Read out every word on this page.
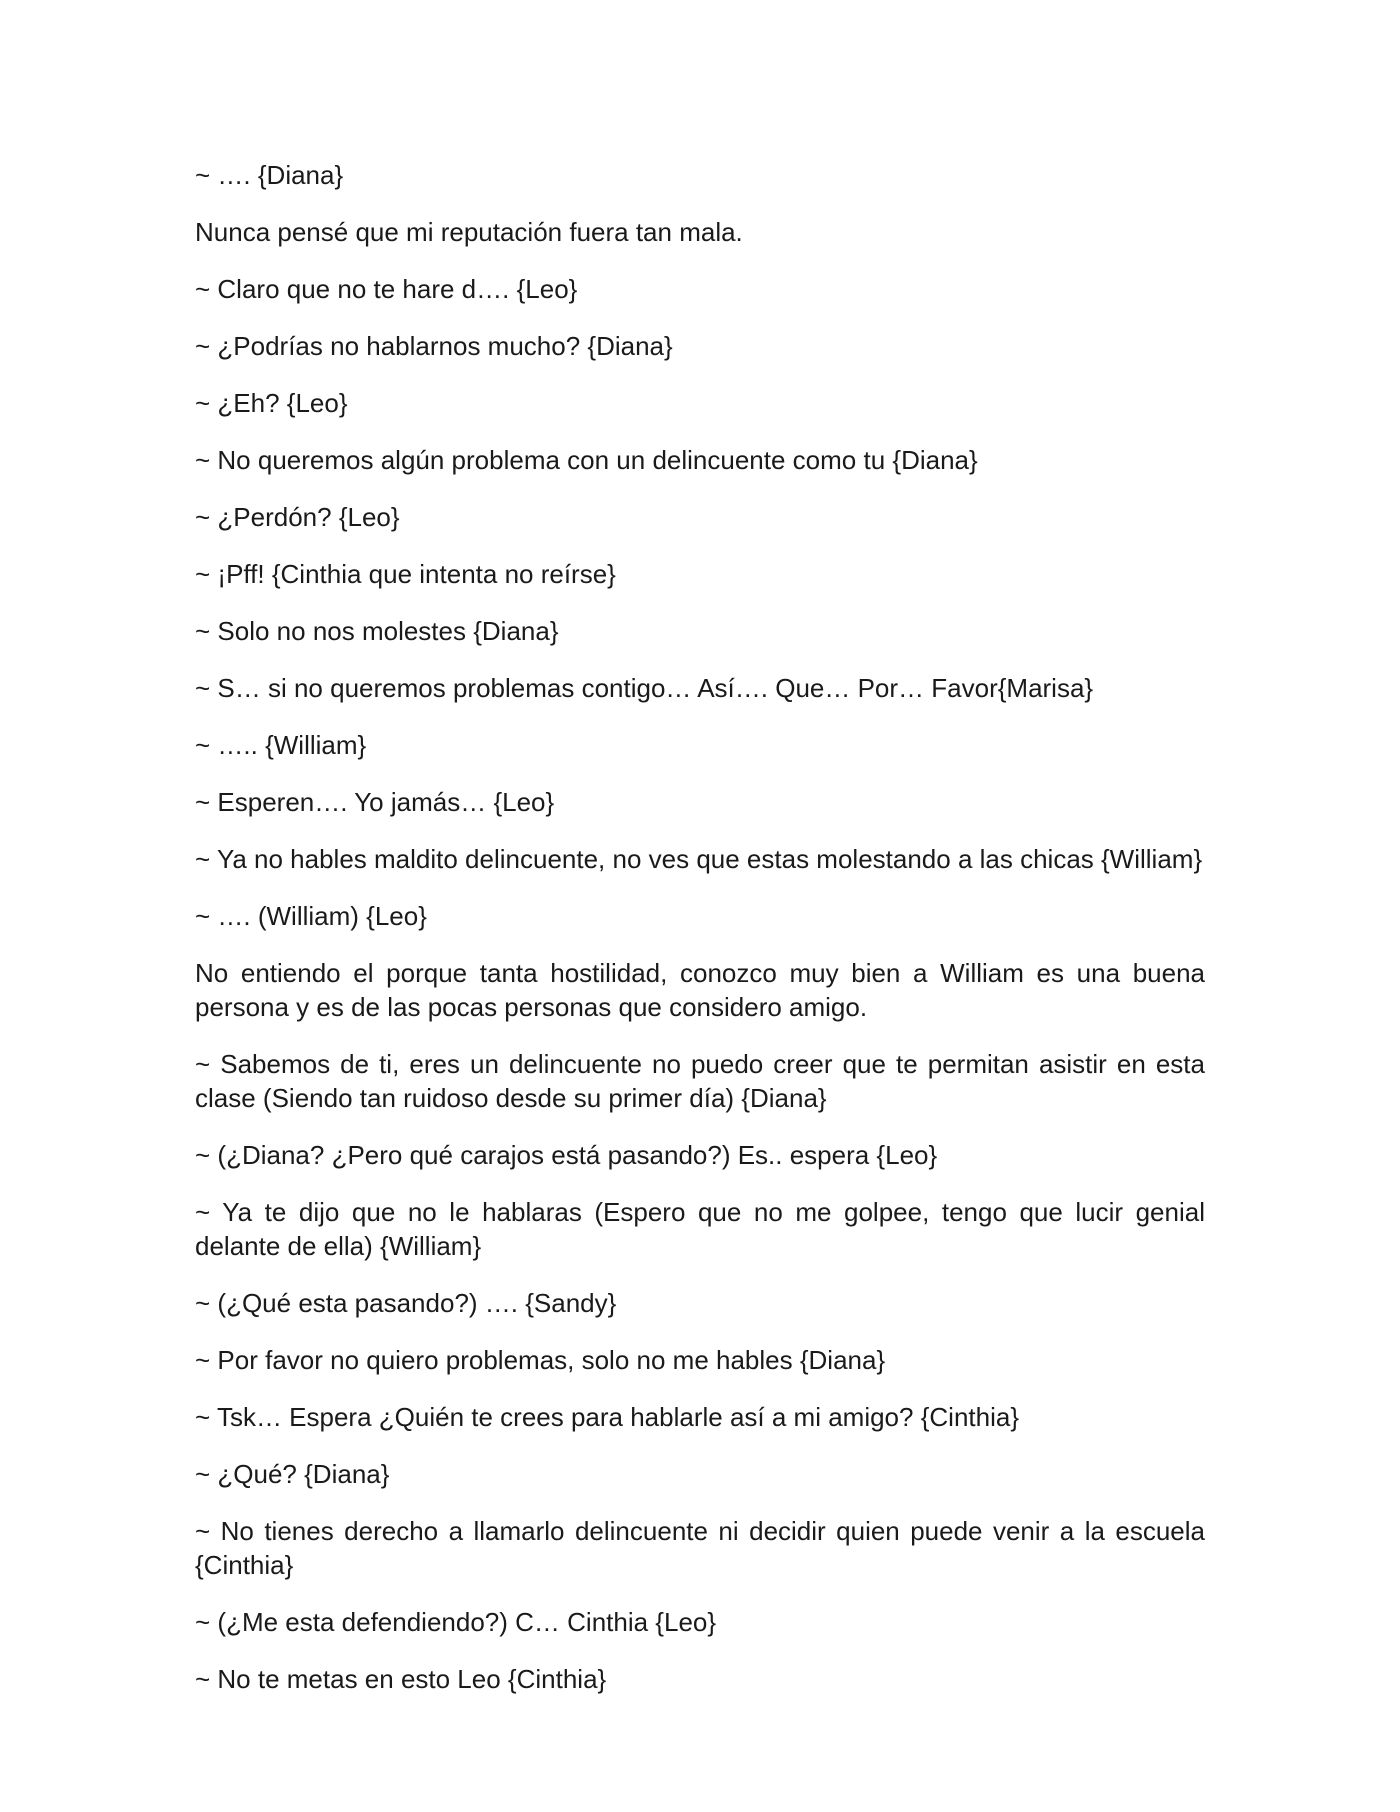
~ …. {Diana}

Nunca pensé que mi reputación fuera tan mala.

~ Claro que no te hare d…. {Leo}

~ ¿Podrías no hablarnos mucho? {Diana}

~ ¿Eh? {Leo}

~ No queremos algún problema con un delincuente como tu {Diana}

~ ¿Perdón? {Leo}

~ ¡Pff! {Cinthia que intenta no reírse}

~ Solo no nos molestes {Diana}

~ S… si no queremos problemas contigo… Así…. Que… Por… Favor{Marisa}

~ ….. {William}

~ Esperen…. Yo jamás… {Leo}

~ Ya no hables maldito delincuente, no ves que estas molestando a las chicas {William}

~ …. (William) {Leo}

No entiendo el porque tanta hostilidad, conozco muy bien a William es una buena persona y es de las pocas personas que considero amigo.

~ Sabemos de ti, eres un delincuente no puedo creer que te permitan asistir en esta clase (Siendo tan ruidoso desde su primer día) {Diana}

~ (¿Diana? ¿Pero qué carajos está pasando?) Es.. espera {Leo}

~ Ya te dijo que no le hablaras (Espero que no me golpee, tengo que lucir genial delante de ella) {William}

~ (¿Qué esta pasando?) …. {Sandy}

~ Por favor no quiero problemas, solo no me hables {Diana}

~ Tsk… Espera ¿Quién te crees para hablarle así a mi amigo? {Cinthia}

~ ¿Qué? {Diana}

~ No tienes derecho a llamarlo delincuente ni decidir quien puede venir a la escuela {Cinthia}

~ (¿Me esta defendiendo?) C… Cinthia {Leo}

~ No te metas en esto Leo {Cinthia}
